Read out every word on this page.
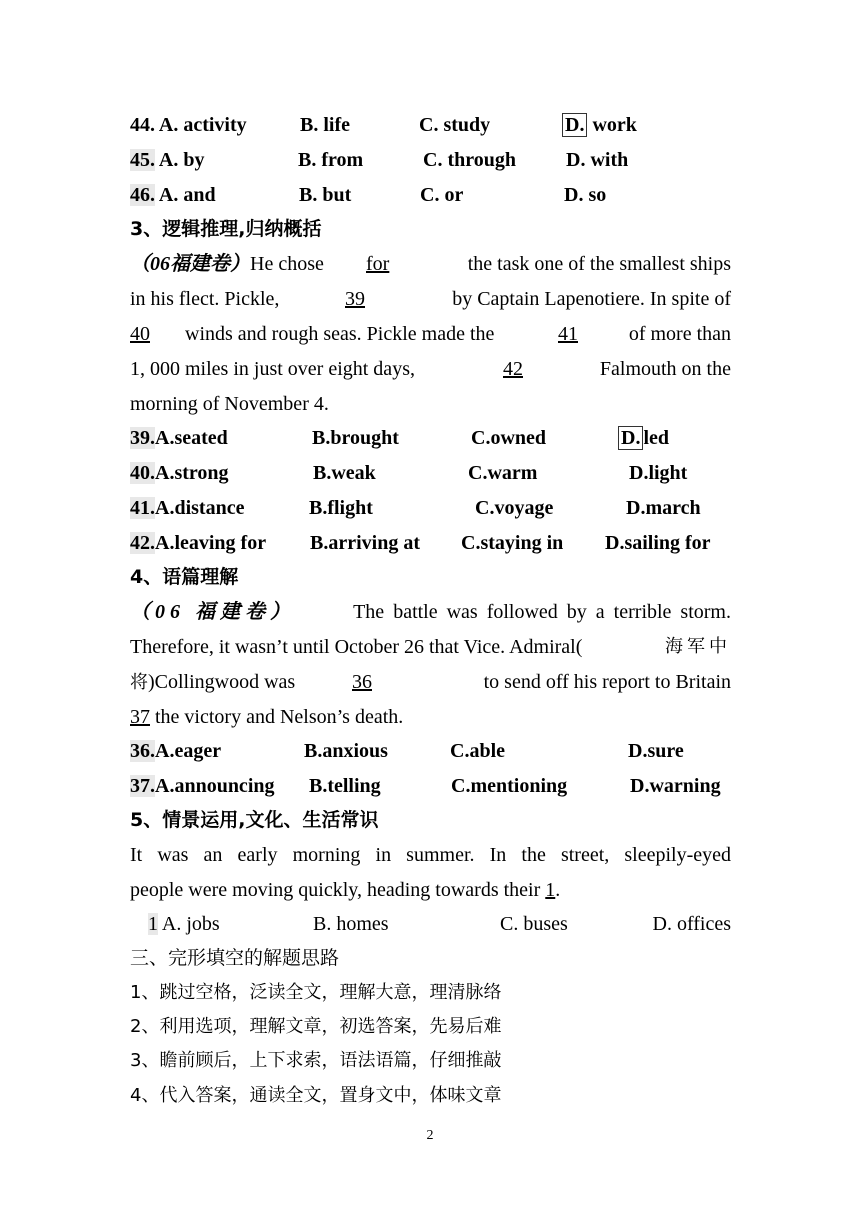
44. A. activity	B. life	C. study	D. work
45. A. by	B. from	C. through	D. with
46. A. and	B. but	C. or	D. so
3、逻辑推理,归纳概括
（06福建卷）He chose for	the task one of the smallest ships
in his flect. Pickle,	39	by Captain Lapenotiere. In spite of
40 winds and rough seas. Pickle made the	41	of more than
1, 000 miles in just over eight days,	42	Falmouth on the
morning of November 4.
39.A.seated	B.brought	C.owned	D. led
40.A.strong	B.weak	C.warm	D.light
41.A.distance	B.flight	C.voyage	D.march
42.A.leaving for B.arriving at C.staying in D.sailing for
4、语篇理解
（06 福建卷）	The battle was followed by a terrible storm.
Therefore, it wasn’t until October 26 that Vice. Admiral(	海军中
将)Collingwood was	36	to send off his report to Britain
37 the victory and Nelson’s death.
36.A.eager	B.anxious	C.able	D.sure
37.A.announcing B.telling	C.mentioning	D.warning
5、情景运用,文化、生活常识
It was an early morning in summer. In the street, sleepily-eyed
people were moving quickly, heading towards their 1.
1 A. jobs	B. homes	C. buses	D. offices
三、完形填空的解题思路
1、跳过空格，泛读全文，理解大意，理清脉络
2、利用选项，理解文章，初选答案，先易后难
3、瞻前顾后，上下求索，语法语篇，仔细推敲
4、代入答案，通读全文，置身文中，体味文章
2
